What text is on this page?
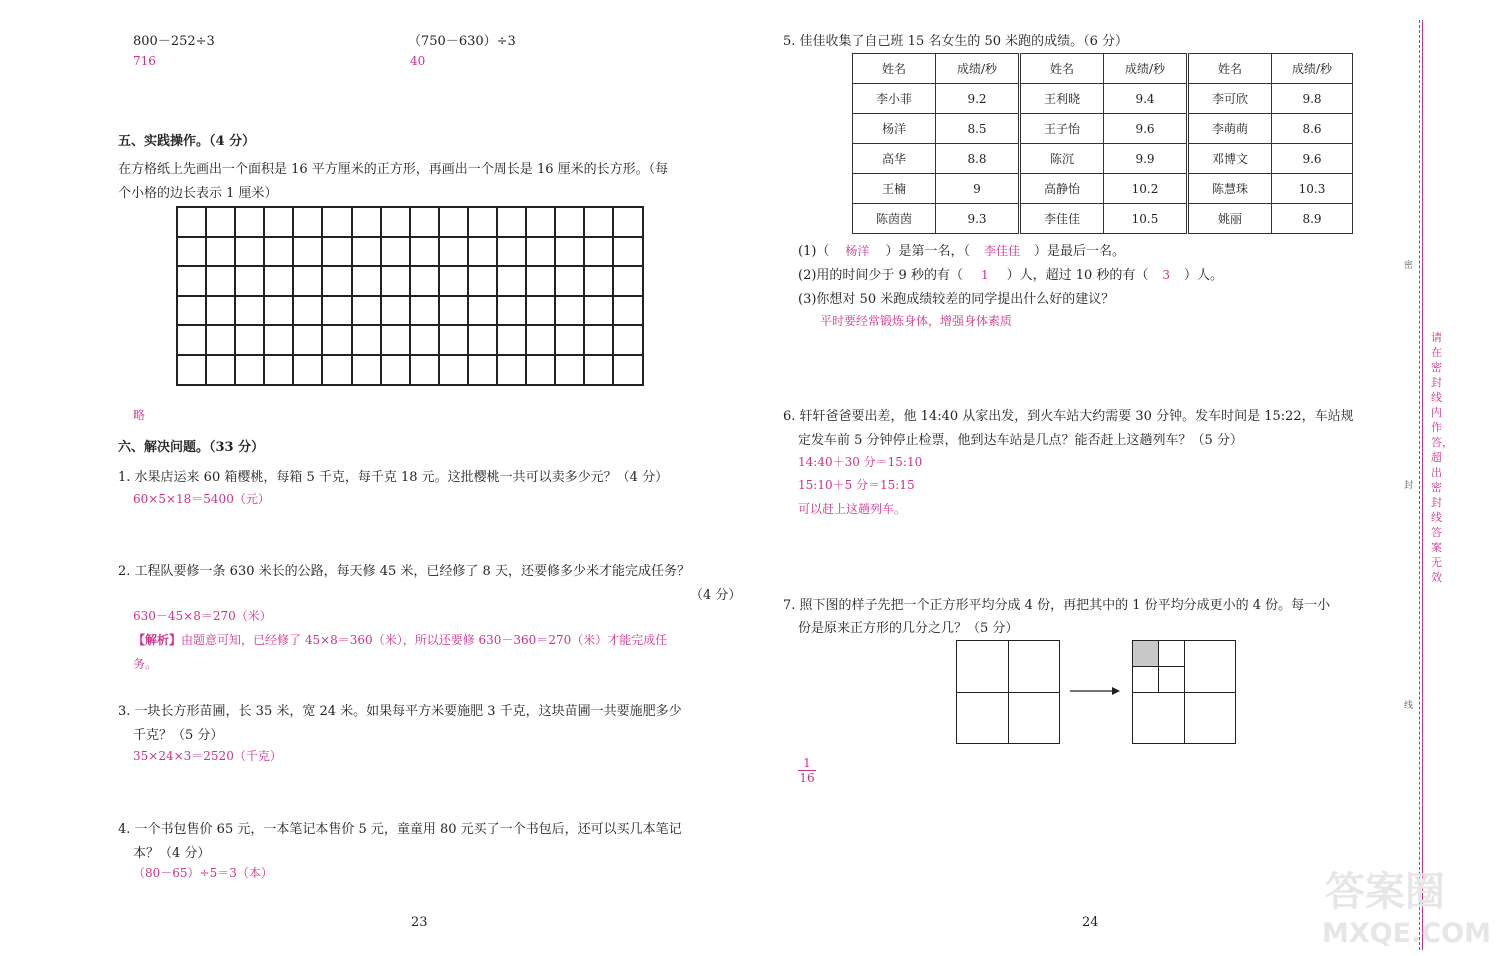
800－252÷3
716
（750－630）÷3
40
五、实践操作。（4 分）
在方格纸上先画出一个面积是 16 平方厘米的正方形，再画出一个周长是 16 厘米的长方形。（每
个小格的边长表示 1 厘米）

略
六、解决问题。（33 分）
1. 水果店运来 60 箱樱桃，每箱 5 千克，每千克 18 元。这批樱桃一共可以卖多少元？（4 分）
60×5×18＝5400（元）
2. 工程队要修一条 630 米长的公路，每天修 45 米，已经修了 8 天，还要修多少米才能完成任务？
（4 分）
630－45×8＝270（米）
【解析】由题意可知，已经修了 45×8＝360（米），所以还要修 630－360＝270（米）才能完成任
务。
3. 一块长方形苗圃，长 35 米，宽 24 米。如果每平方米要施肥 3 千克，这块苗圃一共要施肥多少
千克？（5 分）
35×24×3＝2520（千克）
4. 一个书包售价 65 元，一本笔记本售价 5 元，童童用 80 元买了一个书包后，还可以买几本笔记
本？（4 分）
（80－65）÷5＝3（本）
23
5. 佳佳收集了自己班 15 名女生的 50 米跑的成绩。（6 分）
姓名	成绩/秒	姓名	成绩/秒	姓名	成绩/秒
李小菲	9.2	王利晓	9.4	李可欣	9.8
杨洋	8.5	王子怡	9.6	李萌萌	8.6
高华	8.8	陈沉	9.9	邓博文	9.6
王楠	9	高静怡	10.2	陈慧珠	10.3
陈茵茵	9.3	李佳佳	10.5	姚丽	8.9
(1)（ 杨洋 ）是第一名，（ 李佳佳 ）是最后一名。
(2)用的时间少于 9 秒的有（ 1 ）人，超过 10 秒的有（ 3 ）人。
(3)你想对 50 米跑成绩较差的同学提出什么好的建议？
平时要经常锻炼身体，增强身体素质
6. 轩轩爸爸要出差，他 14:40 从家出发，到火车站大约需要 30 分钟。发车时间是 15:22，车站规
定发车前 5 分钟停止检票，他到达车站是几点？能否赶上这趟列车？（5 分）
14:40＋30 分＝15:10
15:10＋5 分＝15:15
可以赶上这趟列车。
7. 照下图的样子先把一个正方形平均分成 4 份，再把其中的 1 份平均分成更小的 4 份。每一小
份是原来正方形的几分之几？（5 分）
$\frac{1}{16}$
24
密
封
线
请在密封线内作答，超出密封线答案无效
答案圈
MXQE.COM
